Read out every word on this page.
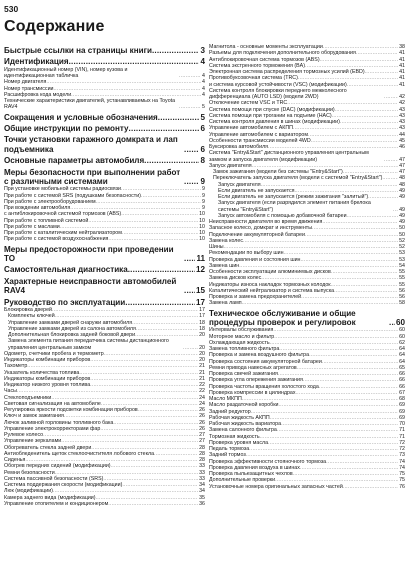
530
Содержание
Быстрые ссылки на страницы книги .....	3
Идентификация .....	4
Идентификационный номер (VIN), номер кузова и идентификационная табличка .....	4
Номер двигателя .....	4
Номер трансмиссии .....	4
Расшифровка кода модели .....	4
Технические характеристики двигателей, устанавливаемых на Toyota RAV4 .....	5
Сокращения и условные обозначения .....	5
Общие инструкции по ремонту .....	6
Точки установки гаражного домкрата и лап подъемника .....	6
Основные параметры автомобиля .....	8
Меры безопасности при выполнении работ с различными системами .....	9
При установке мобильной системы радиосвязи .....	9
При работе с системой SRS (подушками безопасности) .....	9
При работе с электрооборудованием .....	9
При вождении автомобиля .....	9
с антиблокировочной системой тормозов (ABS) .....	10
При работе с топливной системой .....	10
При работе с маслами .....	10
При работе с каталитическим нейтрализатором .....	10
При работе с системой воздухоснабжения .....	10
Меры предосторожности при проведении ТО .....	11
Самостоятельная диагностика .....	12
Характерные неисправности автомобилей RAV4 .....	15
Руководство по эксплуатации .....	17
Блокировка дверей .....	17
Комплекты ключей .....	17
Управление замками дверей снаружи автомобиля .....	18
Управление замками дверей из салона автомобиля .....	18
Дополнительная блокировка задней боковой двери .....	20
Замена элемента питания передатчика системы дистанционного управления центральным замком .....	20
Одометр, счетчики пробега и термометр .....	20
Индикаторы комбинации приборов .....	20
Тахометр .....	21
Указатель количества топлива .....	21
Индикаторы комбинации приборов .....	21
Индикатор низкого уровня топлива .....	22
Часы .....	22
Стеклоподъемники .....	24
Световая сигнализация на автомобиле .....	24
Регулировка яркости подсветки комбинации приборов .....	26
Ключ и замок зажигания .....	26
Лючок заливной горловины топливного бака .....	26
Управление электрокорректорами фар .....	26
Рулевое колесо .....	27
Управление зеркалами .....	27
Обогреватель стекла задней двери .....	28
Антиобледенитель щеток стеклоочистителя лобового стекла .....	28
Сиденья .....	28
Обогрев передних сидений (модификации) .....	33
Ремни безопасности .....	33
Система пассивной безопасности (SRS) .....	33
Система поддержания скорости (модификации) .....	34
Люк (модификации) .....	34
Камера заднего вида (модификации) .....	35
Управление отопителем и кондиционером .....	36
Магнитола - основные моменты эксплуатации .....	38
Разъемы для подключения дополнительного оборудования .....	41
Антиблокировочная система тормозов (ABS) .....	41
Система экстренного торможения (BA) .....	41
Электронная система распределения тормозных усилий (EBD) .....	41
Противобуксовочная система (TRC) .....	41
и система курсовой устойчивости (VSC) (модификации) .....	41
Система контроля блокировки переднего межколесного дифференциала (AUTO LSD) (модели 2WD) .....	42
Отключение систем VSC и TRC .....	42
Система помощи при спуске (DAC) (модификации) .....	43
Система помощи при трогании на подъеме (HAC) .....	43
Система контроля давления в шинах (модификации) .....	43
Управление автомобилем с АКПП .....	43
Управление автомобилем с вариатором .....	44
Особенности трансмиссии моделей 4WD .....	45
Буксировка автомобиля .....	46
Система "Entry&Start" дистанционного управления центральным замком и запуска двигателя (модификации) .....	47
Запуск двигателя .....	47
Замок зажигания (модели без системы "Entry&Start") .....	47
Переключатель запуска двигателя (модели с системой "Entry&Start") .....	48
Запуск двигателя .....	48
Если двигатель не запускается .....	49
Если двигатель не запускается (режим зажигания "залитый") .....	49
Запуск двигателя (если разрядился элемент питания брелока системы "Entry&Start") .....	49
Запуск автомобиля с помощью добавочной батареи .....	49
Неисправности двигателя во время движения .....	49
Запасное колесо, домкрат и инструменты .....	50
Подключение аккумуляторной батареи .....	50
Замена колес .....	52
Шины .....	52
Рекомендации по выбору шин .....	53
Проверка давления и состояния шин .....	53
Замена шин .....	54
Особенности эксплуатации алюминиевых дисков .....	55
Замена дисков колес .....	55
Индикаторы износа накладок тормозных колодок .....	55
Каталитический нейтрализатор и система выпуска .....	56
Проверка и замена предохранителей .....	56
Замена ламп .....	58
Техническое обслуживание и общие процедуры проверок и регулировок .....	60
Интервалы обслуживания .....	60
Моторное масло и фильтр .....	60
Охлаждающая жидкость .....	62
Замена топливного фильтра .....	64
Проверка и замена воздушного фильтра .....	64
Проверка состояния аккумуляторной батареи .....	64
Ремни привода навесных агрегатов .....	65
Проверка свечей зажигания .....	66
Проверка угла опережения зажигания .....	66
Проверка частоты вращения холостого хода .....	66
Проверка компрессии в цилиндрах .....	67
Масло МКПП .....	68
Масло раздаточной коробки .....	69
Задний редуктор .....	69
Рабочая жидкость АКПП .....	69
Рабочая жидкость вариатора .....	70
Замена салонного фильтра .....	71
Тормозная жидкость .....	71
Проверка уровня масла .....	72
Педаль тормоза .....	72
Задний тормоз .....	73
Проверка эффективности стояночного тормоза .....	74
Проверка давления воздуха в шинах .....	74
Проверка пыльезащитных чехлов .....	75
Дополнительные проверки .....	75
Установочные номера оригинальных запасных частей .....	76
